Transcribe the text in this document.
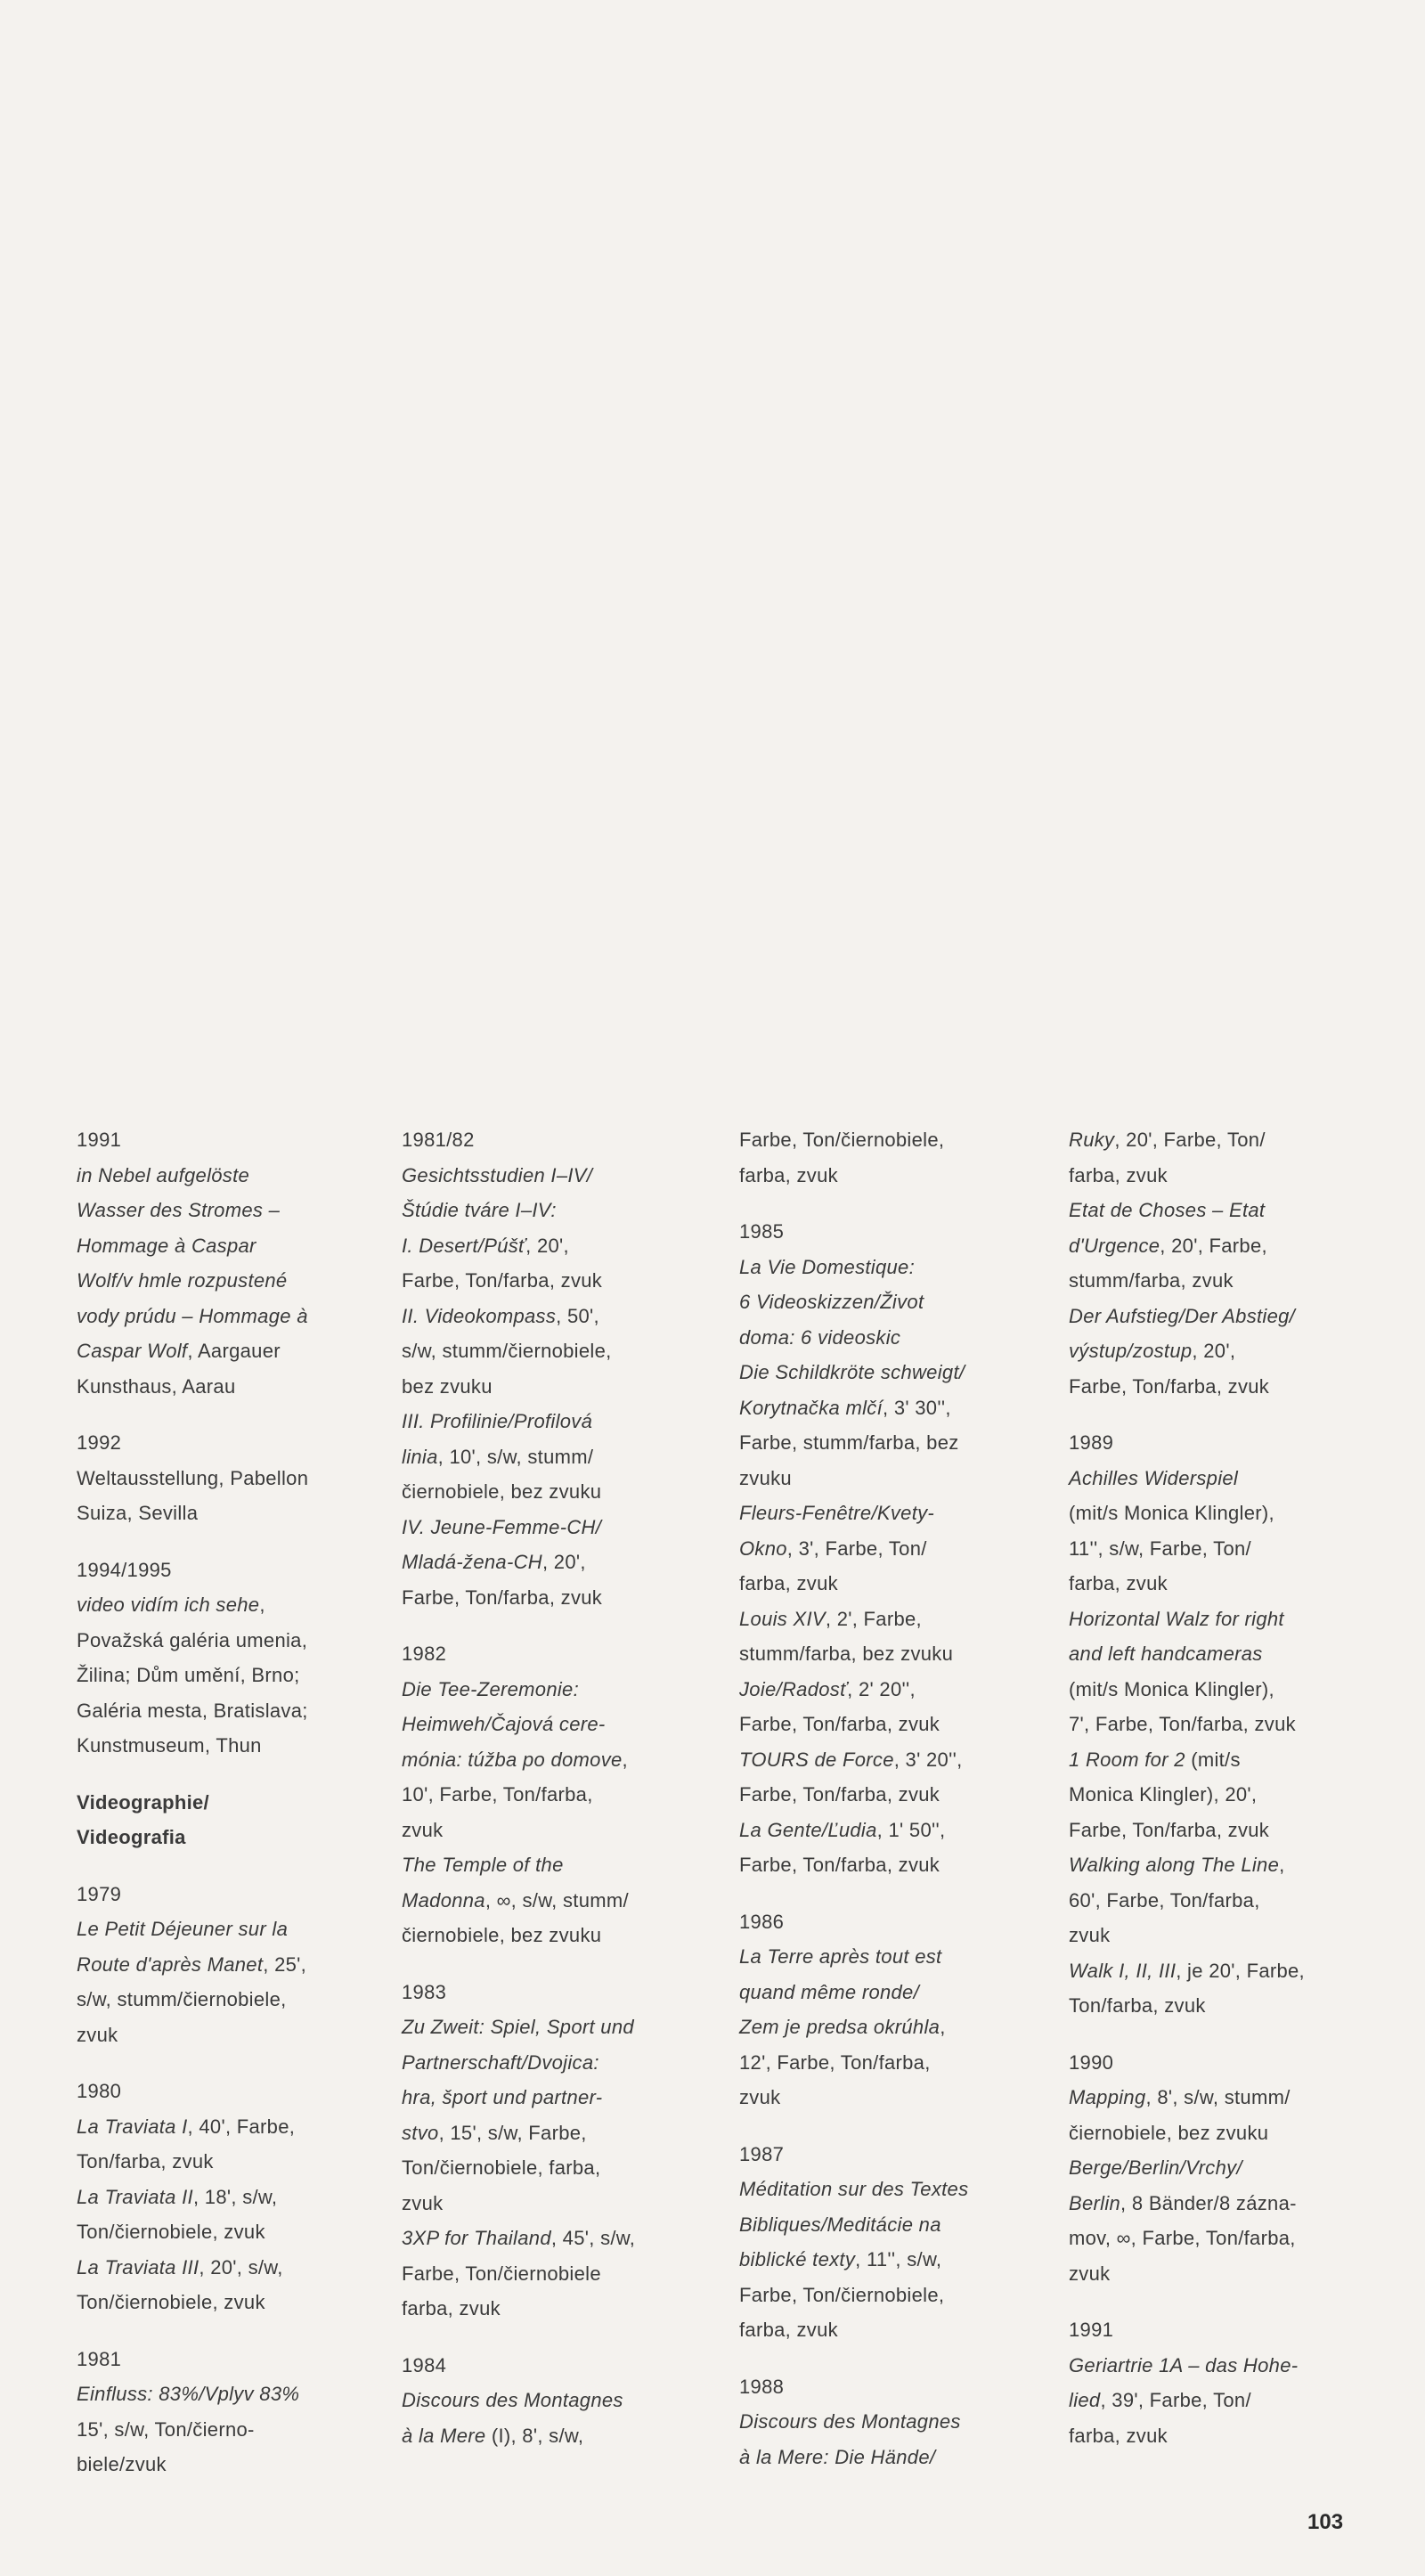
1991
in Nebel aufgelöste
Wasser des Stromes –
Hommage à Caspar
Wolf/v hmle rozpustené
vody prúdu – Hommage à
Caspar Wolf, Aargauer
Kunsthaus, Aarau
1992
Weltausstellung, Pabellon
Suiza, Sevilla
1994/1995
video vidím ich sehe,
Považská galéria umenia,
Žilina; Dům umění, Brno;
Galéria mesta, Bratislava;
Kunstmuseum, Thun
Videographie/
Videografia
1979
Le Petit Déjeuner sur la
Route d'après Manet, 25',
s/w, stumm/čiernobiele,
zvuk
1980
La Traviata I, 40', Farbe,
Ton/farba, zvuk
La Traviata II, 18', s/w,
Ton/čiernobiele, zvuk
La Traviata III, 20', s/w,
Ton/čiernobiele, zvuk
1981
Einfluss: 83%/Vplyv 83%
15', s/w, Ton/čierno-
biele/zvuk
1981/82
Gesichtsstudien I–IV/
Štúdie tváre I–IV:
I. Desert/Púšť, 20',
Farbe, Ton/farba, zvuk
II. Videokompass, 50',
s/w, stumm/čiernobiele,
bez zvuku
III. Profilinie/Profilová
linia, 10', s/w, stumm/
čiernobiele, bez zvuku
IV. Jeune-Femme-CH/
Mladá-žena-CH, 20',
Farbe, Ton/farba, zvuk
1982
Die Tee-Zeremonie:
Heimweh/Čajová cere-
mónia: túžba po domove,
10', Farbe, Ton/farba,
zvuk
The Temple of the
Madonna, ∞, s/w, stumm/
čiernobiele, bez zvuku
1983
Zu Zweit: Spiel, Sport und
Partnerschaft/Dvojica:
hra, šport und partner-
stvo, 15', s/w, Farbe,
Ton/čiernobiele, farba,
zvuk
3XP for Thailand, 45', s/w,
Farbe, Ton/čiernobiele
farba, zvuk
1984
Discours des Montagnes
à la Mere (I), 8', s/w,
Farbe, Ton/čiernobiele,
farba, zvuk
1985
La Vie Domestique:
6 Videoskizzen/Život
doma: 6 videoskic
Die Schildkröte schweigt/
Korytnačka mlčí, 3' 30'',
Farbe, stumm/farba, bez
zvuku
Fleurs-Fenêtre/Kvety-
Okno, 3', Farbe, Ton/
farba, zvuk
Louis XIV, 2', Farbe,
stumm/farba, bez zvuku
Joie/Radosť, 2' 20'',
Farbe, Ton/farba, zvuk
TOURS de Force, 3' 20'',
Farbe, Ton/farba, zvuk
La Gente/Ľudia, 1' 50'',
Farbe, Ton/farba, zvuk
1986
La Terre après tout est
quand même ronde/
Zem je predsa okrúhla,
12', Farbe, Ton/farba,
zvuk
1987
Méditation sur des Textes
Bibliques/Meditácie na
biblické texty, 11'', s/w,
Farbe, Ton/čiernobiele,
farba, zvuk
1988
Discours des Montagnes
à la Mere: Die Hände/
Ruky, 20', Farbe, Ton/
farba, zvuk
Etat de Choses – Etat
d'Urgence, 20', Farbe,
stumm/farba, zvuk
Der Aufstieg/Der Abstieg/
výstup/zostup, 20',
Farbe, Ton/farba, zvuk
1989
Achilles Widerspiel
(mit/s Monica Klingler),
11'', s/w, Farbe, Ton/
farba, zvuk
Horizontal Walz for right
and left handcameras
(mit/s Monica Klingler),
7', Farbe, Ton/farba, zvuk
1 Room for 2 (mit/s
Monica Klingler), 20',
Farbe, Ton/farba, zvuk
Walking along The Line,
60', Farbe, Ton/farba,
zvuk
Walk I, II, III, je 20', Farbe,
Ton/farba, zvuk
1990
Mapping, 8', s/w, stumm/
čiernobiele, bez zvuku
Berge/Berlin/Vrchy/
Berlin, 8 Bänder/8 zázna-
mov, ∞, Farbe, Ton/farba,
zvuk
1991
Geriartrie 1A – das Hohe-
lied, 39', Farbe, Ton/
farba, zvuk
103
